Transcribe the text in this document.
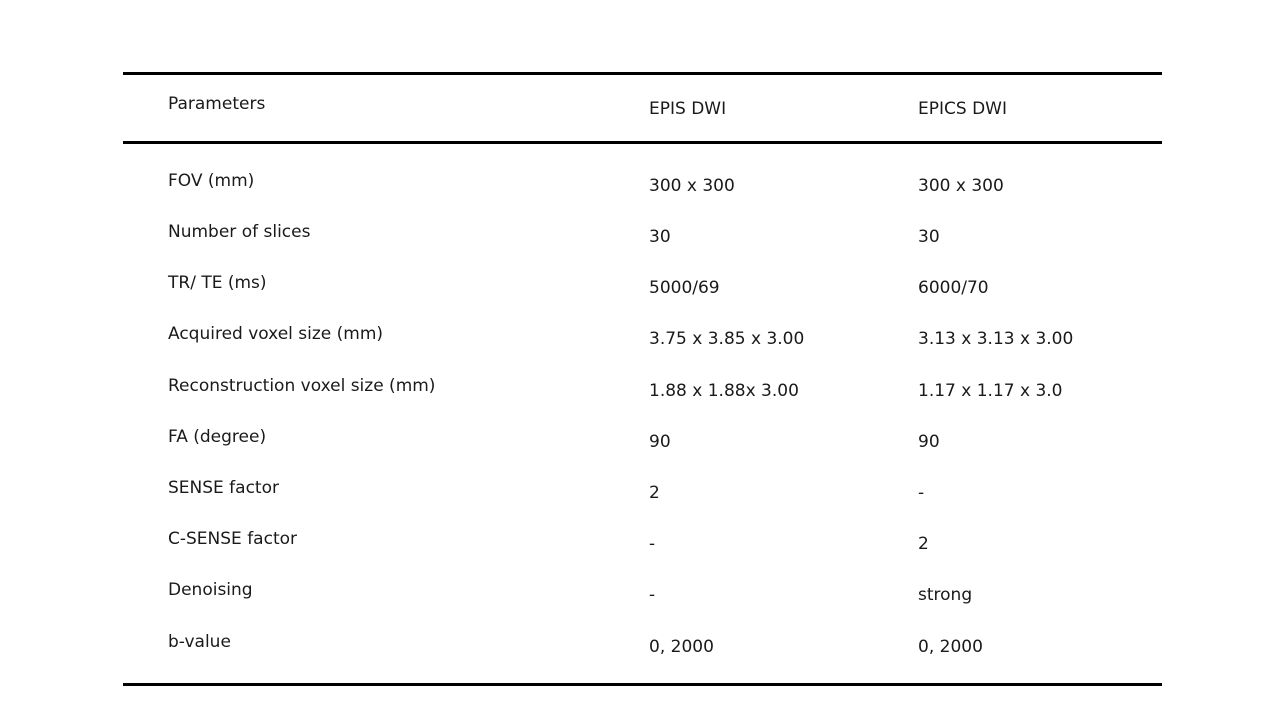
Parameters	EPIS DWI	EPICS DWI
FOV (mm)	300 x 300	300 x 300
Number of slices	30	30
TR/ TE (ms)	5000/69	6000/70
Acquired voxel size (mm)	3.75 x 3.85 x 3.00	3.13 x 3.13 x 3.00
Reconstruction voxel size (mm)	1.88 x 1.88x 3.00	1.17 x 1.17 x 3.0
FA (degree)	90	90
SENSE factor	2	-
C-SENSE factor	-	2
Denoising	-	strong
b-value	0, 2000	0, 2000
